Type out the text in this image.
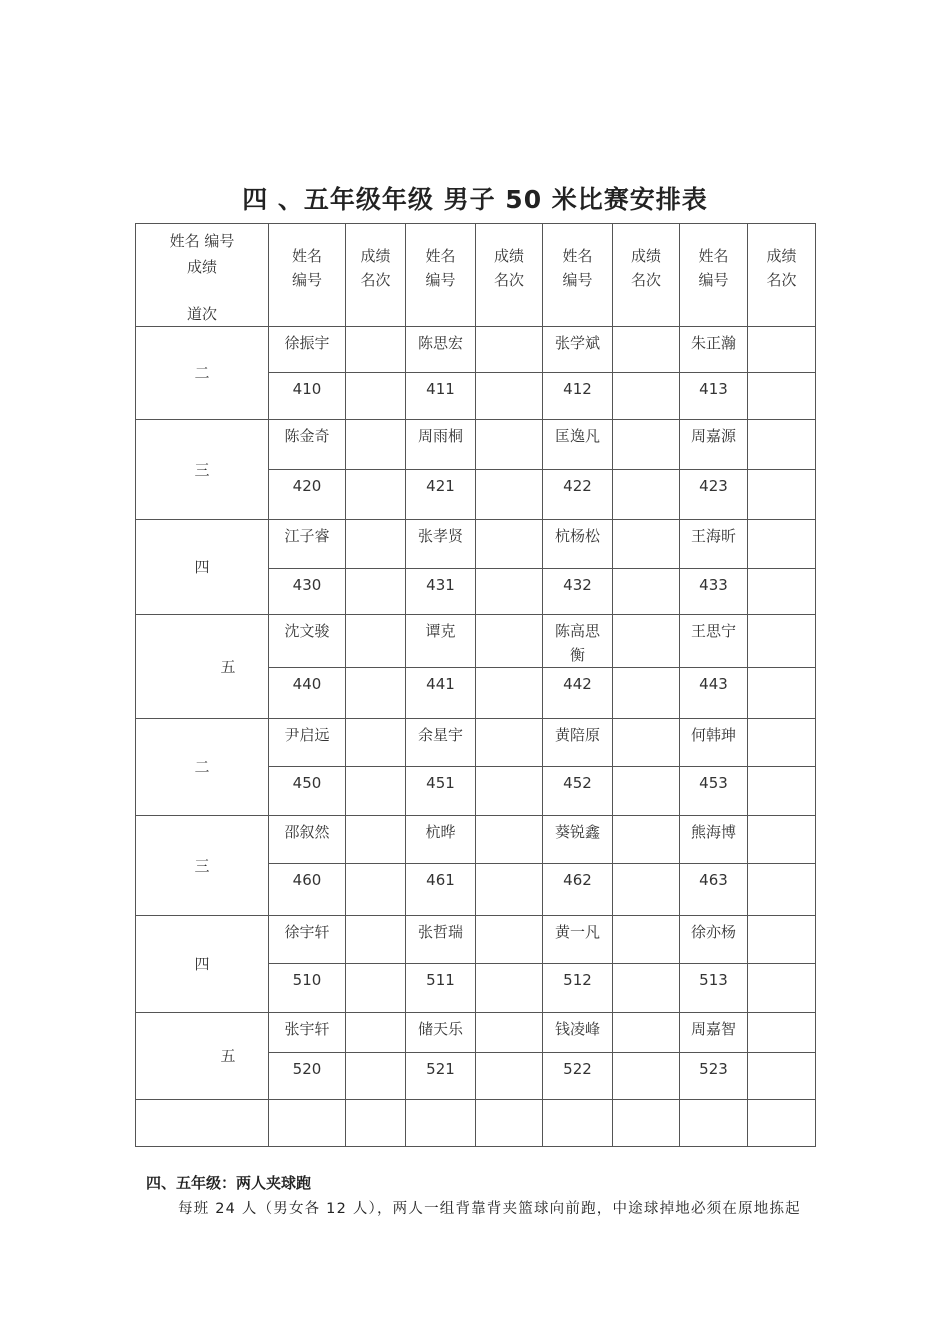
四 、五年级年级 男子 50 米比赛安排表
姓名 编号 成绩
道次	姓名 编号	成绩 名次	姓名 编号	成绩 名次	姓名 编号	成绩 名次	姓名 编号	成绩 名次
二	徐振宇		陈思宏		张学斌		朱正瀚	
	410		411		412		413	
三	陈金奇		周雨桐		匡逸凡		周嘉源	
	420		421		422		423	
四	江子睿		张孝贤		杭杨松		王海昕	
	430		431		432		433	
五	沈文骏		谭克		陈高思衡		王思宁	
	440		441		442		443	
二	尹启远		余星宇		黄陪原		何韩珅	
	450		451		452		453	
三	邵叙然		杭晔		葵锐鑫		熊海博	
	460		461		462		463	
四	徐宇轩		张哲瑞		黄一凡		徐亦杨	
	510		511		512		513	
五	张宇轩		储天乐		钱凌峰		周嘉智	
	520		521		522		523	

四、五年级：两人夹球跑
每班 24 人（男女各 12 人），两人一组背靠背夹篮球向前跑，中途球掉地必须在原地拣起
